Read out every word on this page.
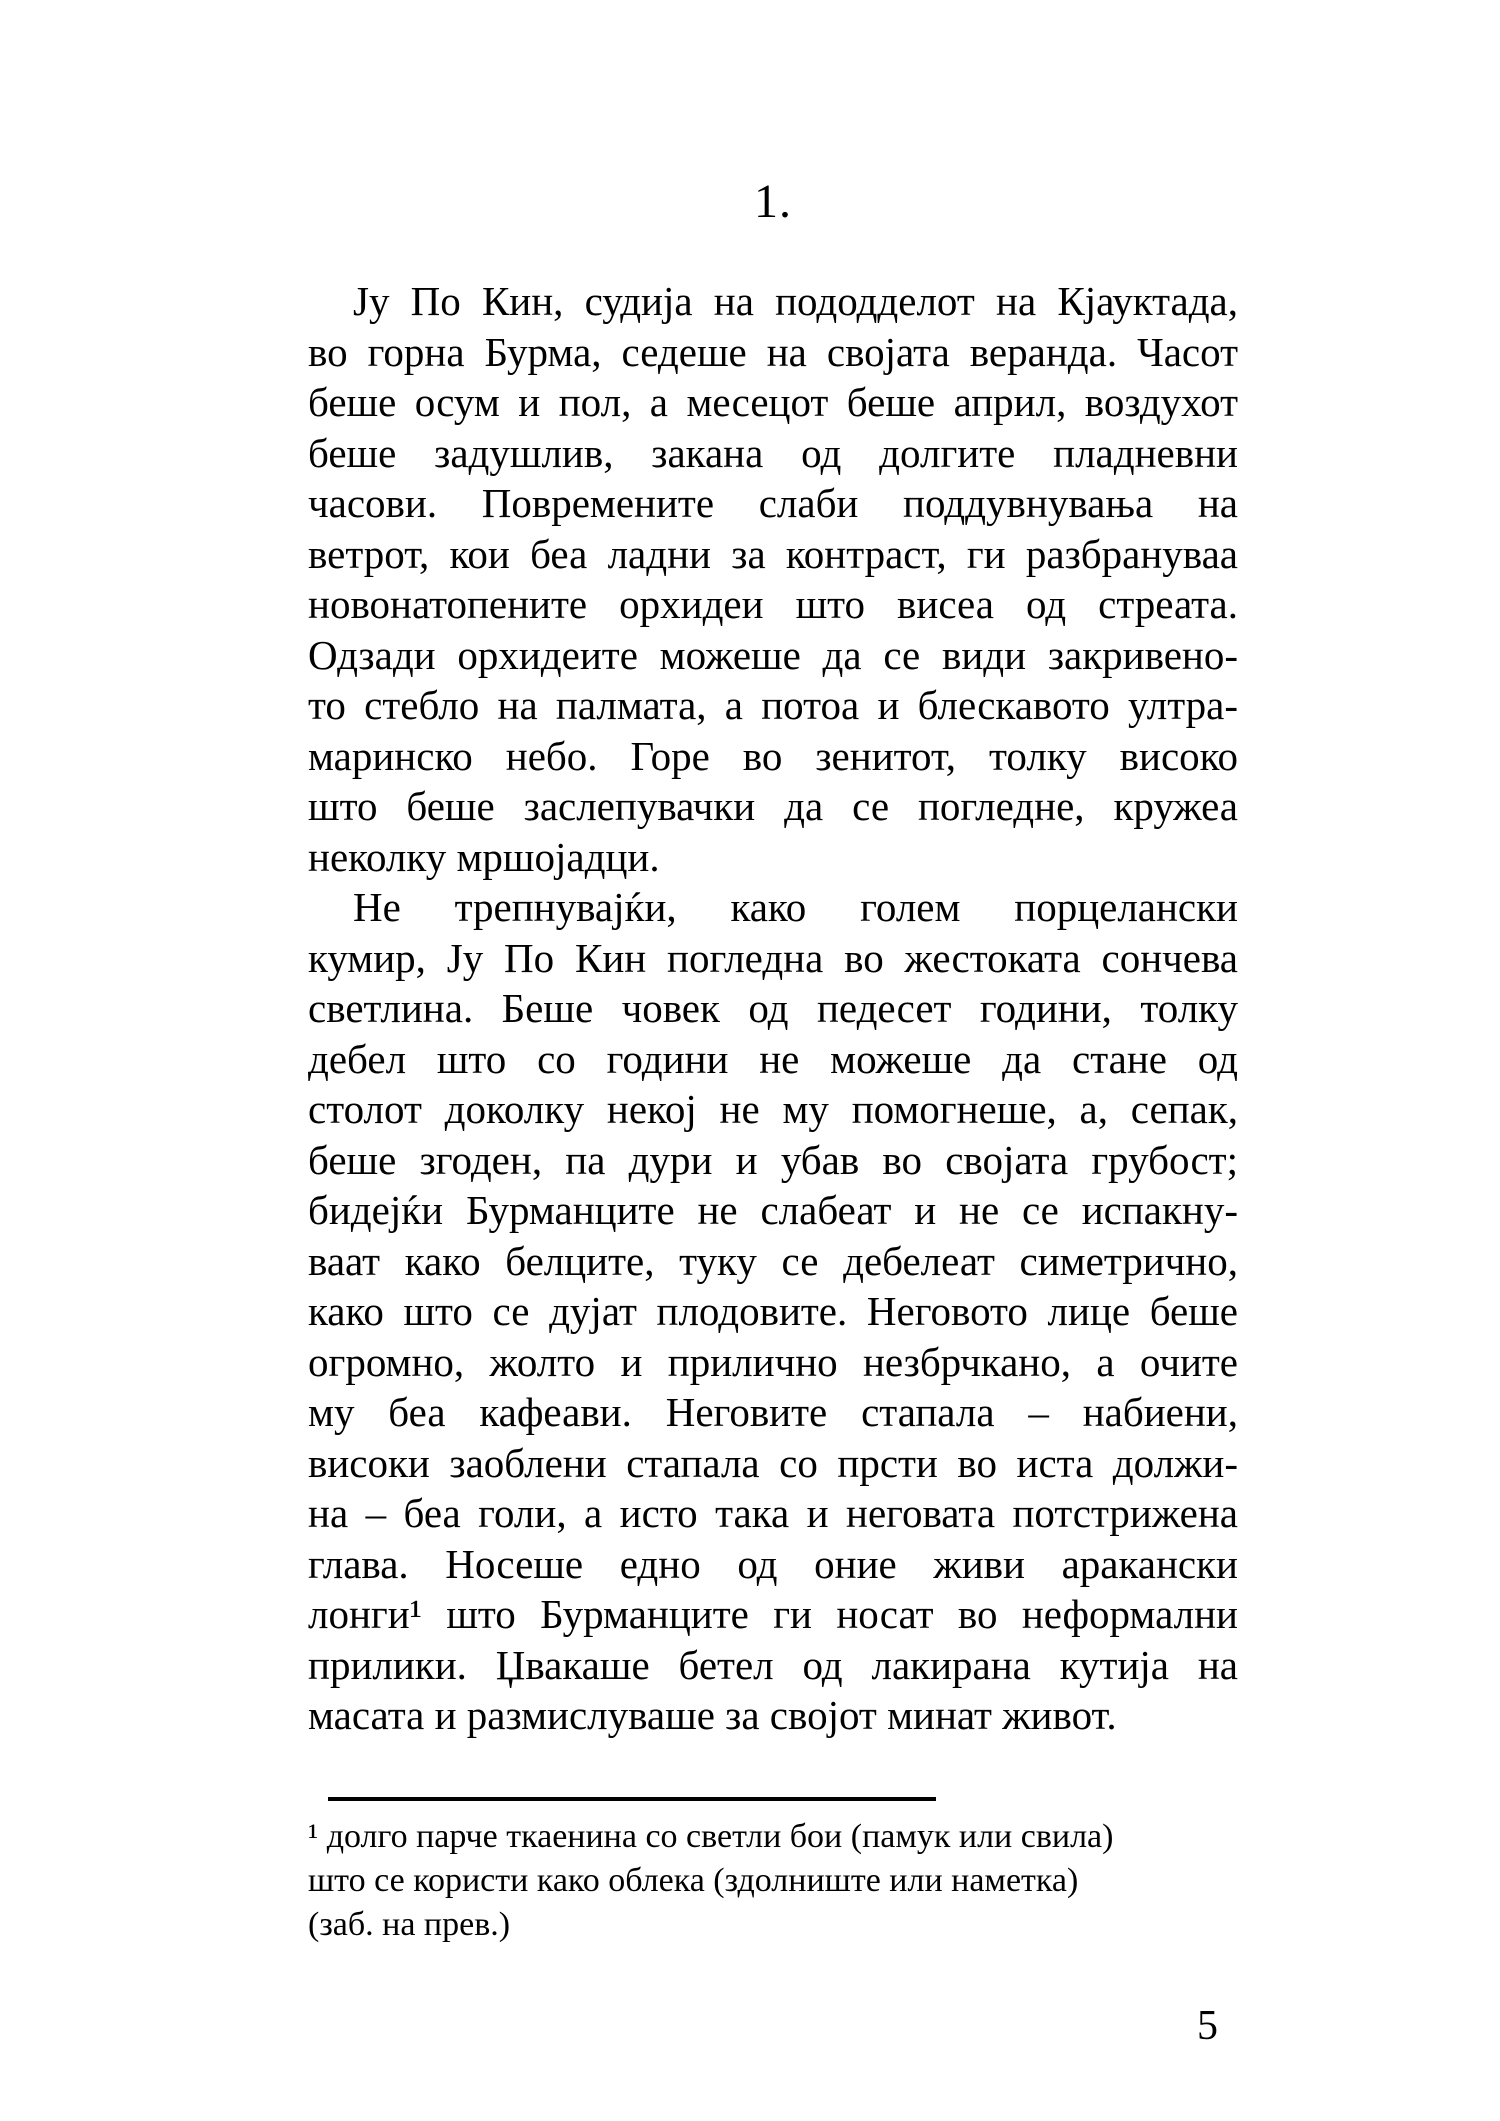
1.
Ју По Кин, судија на пододделот на Кјауктада,
во горна Бурма, седеше на својата веранда. Часот
беше осум и пол, а месецот беше април, воздухот
беше задушлив, закана од долгите пладневни
часови. Повремените слаби поддувнувања на
ветрот, кои беа ладни за контраст, ги разбрануваа
новонатопените орхидеи што висеа од стреата.
Одзади орхидеите можеше да се види закривено-
то стебло на палмата, а потоа и блескавото ултра-
маринско небо. Горе во зенитот, толку високо
што беше заслепувачки да се погледне, кружеа
неколку мршојадци.
Не трепнувајќи, како голем порцелански
кумир, Ју По Кин погледна во жестоката сончева
светлина. Беше човек од педесет години, толку
дебел што со години не можеше да стане од
столот доколку некој не му помогнеше, а, сепак,
беше згоден, па дури и убав во својата грубост;
бидејќи Бурманците не слабеат и не се испакну-
ваат како белците, туку се дебелеат симетрично,
како што се дујат плодовите. Неговото лице беше
огромно, жолто и прилично незбрчкано, а очите
му беа кафеави. Неговите стапала – набиени,
високи заоблени стапала со прсти во иста должи-
на – беа голи, а исто така и неговата потстрижена
глава. Носеше едно од оние живи аракански
лонги¹ што Бурманците ги носат во неформални
прилики. Џвакаше бетел од лакирана кутија на
масата и размислуваше за својот минат живот.
¹ долго парче ткаенина со светли бои (памук или свила)
што се користи како облека (здолниште или наметка)
(заб. на прев.)
5
